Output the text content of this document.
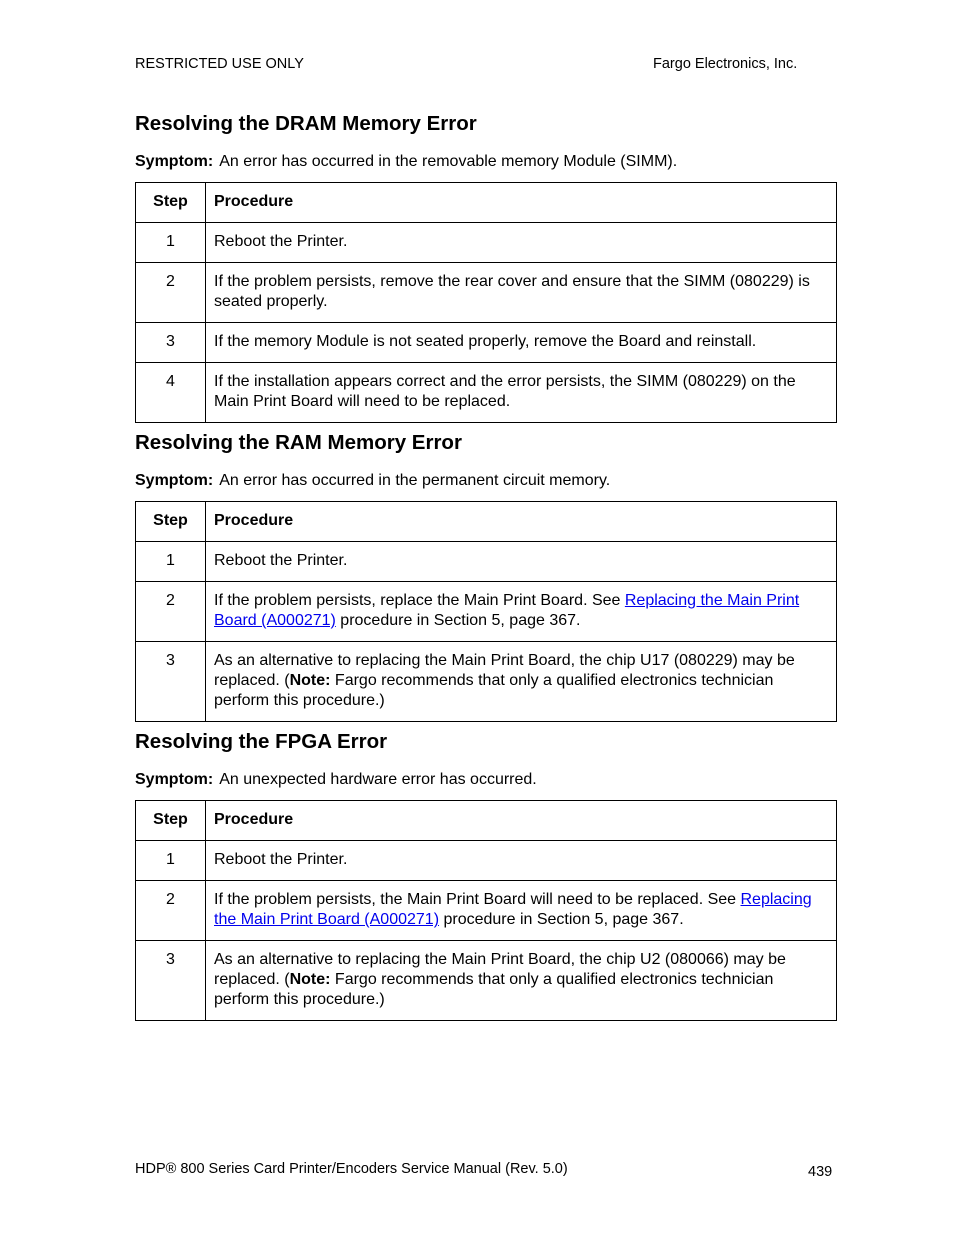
RESTRICTED USE ONLY	Fargo Electronics, Inc.
Resolving the DRAM Memory Error
Symptom: An error has occurred in the removable memory Module (SIMM).
Step	Procedure
1	Reboot the Printer.
2	If the problem persists, remove the rear cover and ensure that the SIMM (080229) is seated properly.
3	If the memory Module is not seated properly, remove the Board and reinstall.
4	If the installation appears correct and the error persists, the SIMM (080229) on the Main Print Board will need to be replaced.
Resolving the RAM Memory Error
Symptom: An error has occurred in the permanent circuit memory.
Step	Procedure
1	Reboot the Printer.
2	If the problem persists, replace the Main Print Board. See Replacing the Main Print Board (A000271) procedure in Section 5, page 367.
3	As an alternative to replacing the Main Print Board, the chip U17 (080229) may be replaced. (Note: Fargo recommends that only a qualified electronics technician perform this procedure.)
Resolving the FPGA Error
Symptom: An unexpected hardware error has occurred.
Step	Procedure
1	Reboot the Printer.
2	If the problem persists, the Main Print Board will need to be replaced. See Replacing the Main Print Board (A000271) procedure in Section 5, page 367.
3	As an alternative to replacing the Main Print Board, the chip U2 (080066) may be replaced. (Note: Fargo recommends that only a qualified electronics technician perform this procedure.)
HDP® 800 Series Card Printer/Encoders Service Manual (Rev. 5.0)	439
